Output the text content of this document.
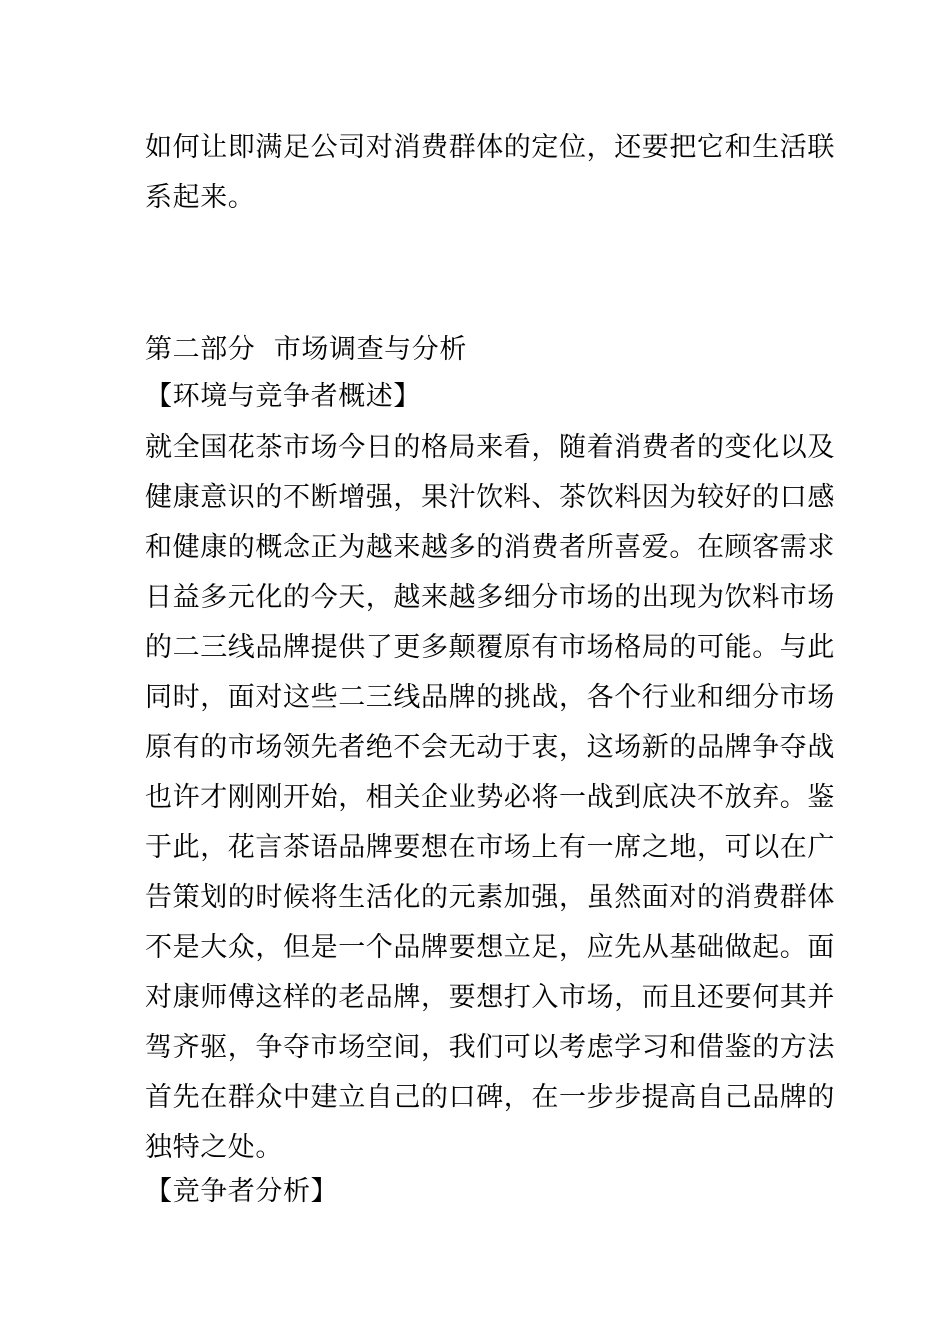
如何让即满足公司对消费群体的定位，还要把它和生活联
系起来。
第二部分  市场调查与分析
【环境与竞争者概述】
就全国花茶市场今日的格局来看，随着消费者的变化以及
健康意识的不断增强，果汁饮料、茶饮料因为较好的口感
和健康的概念正为越来越多的消费者所喜爱。在顾客需求
日益多元化的今天，越来越多细分市场的出现为饮料市场
的二三线品牌提供了更多颠覆原有市场格局的可能。与此
同时，面对这些二三线品牌的挑战，各个行业和细分市场
原有的市场领先者绝不会无动于衷，这场新的品牌争夺战
也许才刚刚开始，相关企业势必将一战到底决不放弃。鉴
于此，花言茶语品牌要想在市场上有一席之地，可以在广
告策划的时候将生活化的元素加强，虽然面对的消费群体
不是大众，但是一个品牌要想立足，应先从基础做起。面
对康师傅这样的老品牌，要想打入市场，而且还要何其并
驾齐驱，争夺市场空间，我们可以考虑学习和借鉴的方法
首先在群众中建立自己的口碑，在一步步提高自己品牌的
独特之处。
【竞争者分析】
